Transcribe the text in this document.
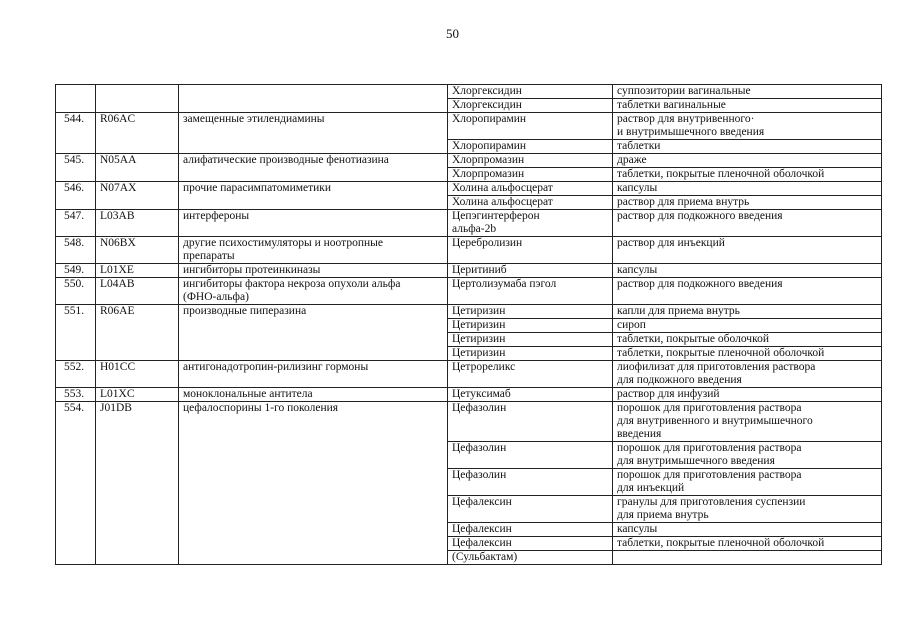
50
			Хлоргексидин	суппозитории вагинальные
			Хлоргексидин	таблетки вагинальные
544.	R06AC	замещенные этилендиамины	Хлоропирамин	раствор для внутривенного·
и внутримышечного введения
			Хлоропирамин	таблетки
545.	N05AA	алифатические производные фенотиазина	Хлорпромазин	драже
			Хлорпромазин	таблетки, покрытые пленочной оболочкой
546.	N07AX	прочие парасимпатомиметики	Холина альфосцерат	капсулы
			Холина альфосцерат	раствор для приема внутрь
547.	L03AB	интерфероны	Цепэгинтерферон
альфа-2b	раствор для подкожного введения
548.	N06BX	другие психостимуляторы и ноотропные
препараты	Церебролизин	раствор для инъекций
549.	L01XE	ингибиторы протеинкиназы	Церитиниб	капсулы
550.	L04AB	ингибиторы фактора некроза опухоли альфа
(ФНО-альфа)	Цертолизумаба пэгол	раствор для подкожного введения
551.	R06AE	производные пиперазина	Цетиризин	капли для приема внутрь
			Цетиризин	сироп
			Цетиризин	таблетки, покрытые оболочкой
			Цетиризин	таблетки, покрытые пленочной оболочкой
552.	H01CC	антигонадотропин-рилизинг гормоны	Цетрореликс	лиофилизат для приготовления раствора
для подкожного введения
553.	L01XC	моноклональные антитела	Цетуксимаб	раствор для инфузий
554.	J01DB	цефалоспорины 1-го поколения	Цефазолин	порошок для приготовления раствора
для внутривенного и внутримышечного
введения
			Цефазолин	порошок для приготовления раствора
для внутримышечного введения
			Цефазолин	порошок для приготовления раствора
для инъекций
			Цефалексин	гранулы для приготовления суспензии
для приема внутрь
			Цефалексин	капсулы
			Цефалексин	таблетки, покрытые пленочной оболочкой
			(Сульбактам)	
